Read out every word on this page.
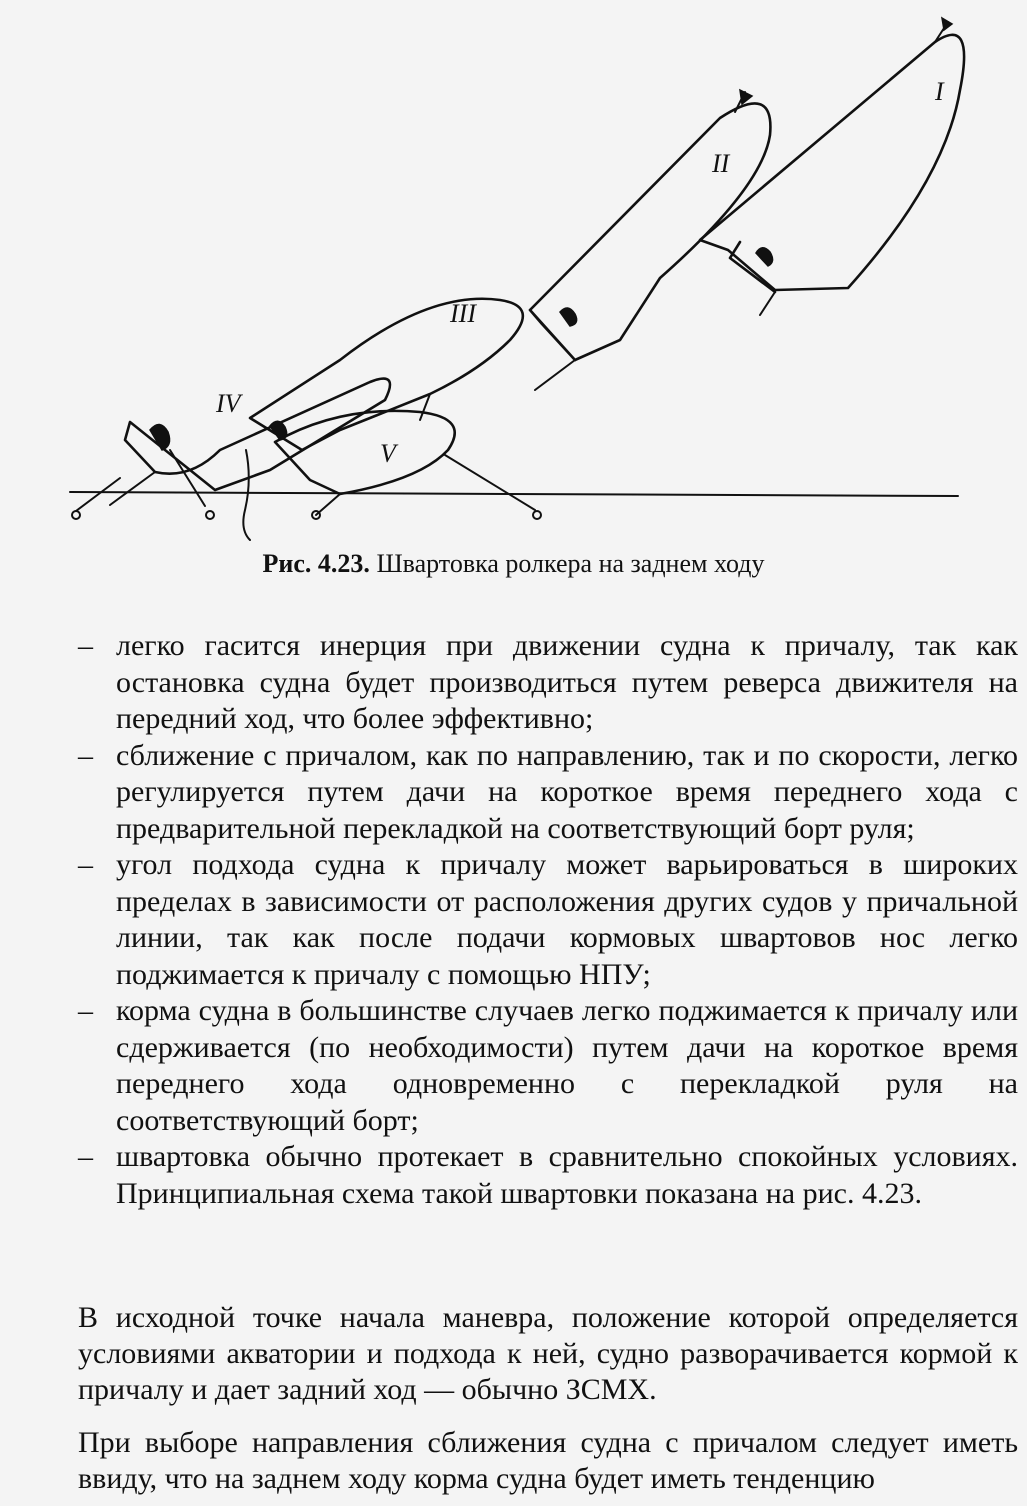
I
II
III
IV
V

Рис. 4.23. Швартовка ролкера на заднем ходу

– легко гасится инерция при движении судна к причалу, так как остановка судна будет производиться путем реверса движителя на передний ход, что более эффективно;
– сближение с причалом, как по направлению, так и по скорости, легко регулируется путем дачи на короткое время переднего хода с предварительной перекладкой на соответствующий борт руля;
– угол подхода судна к причалу может варьироваться в широких пределах в зависимости от расположения других судов у причальной линии, так как после подачи кормовых швартовов нос легко поджимается к причалу с помощью НПУ;
– корма судна в большинстве случаев легко поджимается к причалу или сдерживается (по необходимости) путем дачи на короткое время переднего хода одновременно с перекладкой руля на соответствующий борт;
– швартовка обычно протекает в сравнительно спокойных условиях. Принципиальная схема такой швартовки показана на рис. 4.23.

В исходной точке начала маневра, положение которой определяется условиями акватории и подхода к ней, судно разворачивается кормой к причалу и дает задний ход — обычно ЗСМХ.

При выборе направления сближения судна с причалом следует иметь ввиду, что на заднем ходу корма судна будет иметь тенденцию
